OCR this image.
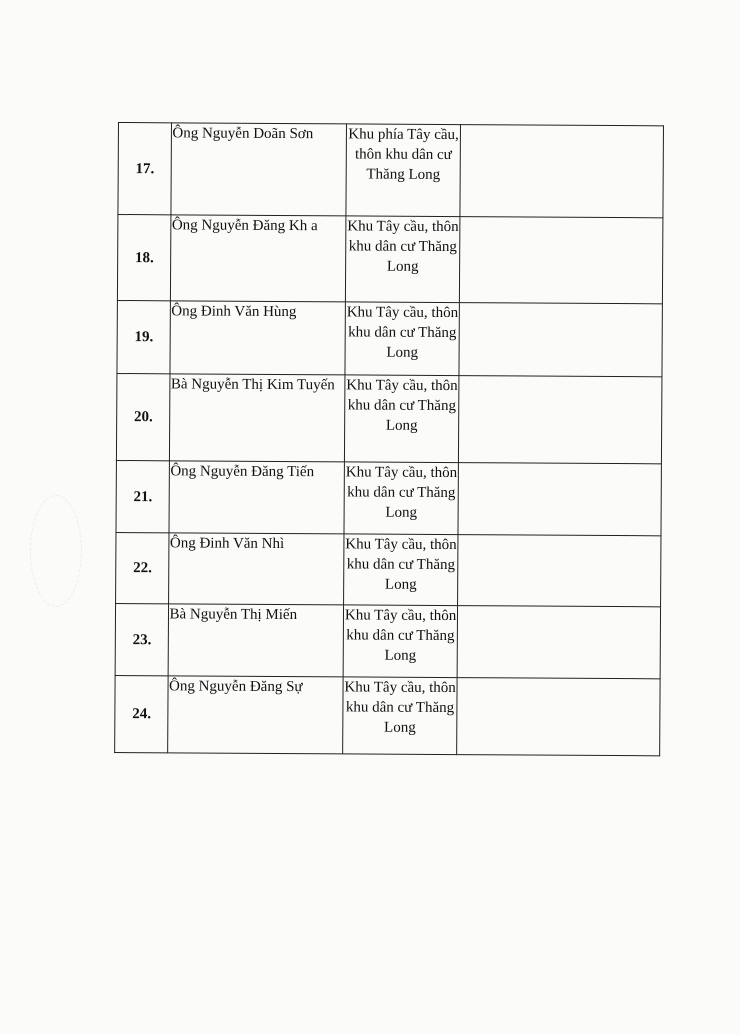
17.	Ông Nguyễn Doãn Sơn	Khu phía Tây cầu, thôn khu dân cư Thăng Long	
18.	Ông Nguyễn Đăng Kh a	Khu Tây cầu, thôn khu dân cư Thăng Long	
19.	Ông Đinh Văn Hùng	Khu Tây cầu, thôn khu dân cư Thăng Long	
20.	Bà Nguyễn Thị Kim Tuyến	Khu Tây cầu, thôn khu dân cư Thăng Long	
21.	Ông Nguyễn Đăng Tiến	Khu Tây cầu, thôn khu dân cư Thăng Long	
22.	Ông Đinh Văn Nhì	Khu Tây cầu, thôn khu dân cư Thăng Long	
23.	Bà Nguyễn Thị Miến	Khu Tây cầu, thôn khu dân cư Thăng Long	
24.	Ông Nguyễn Đăng Sự	Khu Tây cầu, thôn khu dân cư Thăng Long	
